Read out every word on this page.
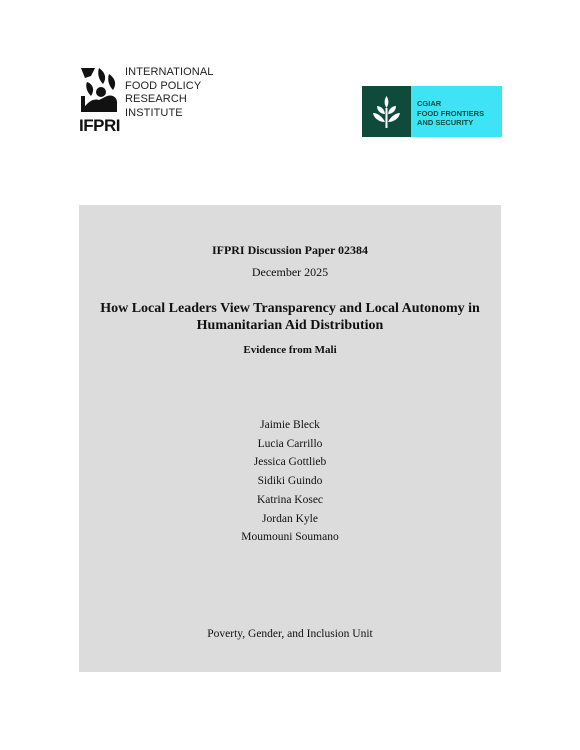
IFPRI
INTERNATIONAL
FOOD POLICY
RESEARCH
INSTITUTE
CGIAR
FOOD FRONTIERS
AND SECURITY
IFPRI Discussion Paper 02384
December 2025
How Local Leaders View Transparency and Local Autonomy in
Humanitarian Aid Distribution
Evidence from Mali
Jaimie Bleck
Lucia Carrillo
Jessica Gottlieb
Sidiki Guindo
Katrina Kosec
Jordan Kyle
Moumouni Soumano
Poverty, Gender, and Inclusion Unit
